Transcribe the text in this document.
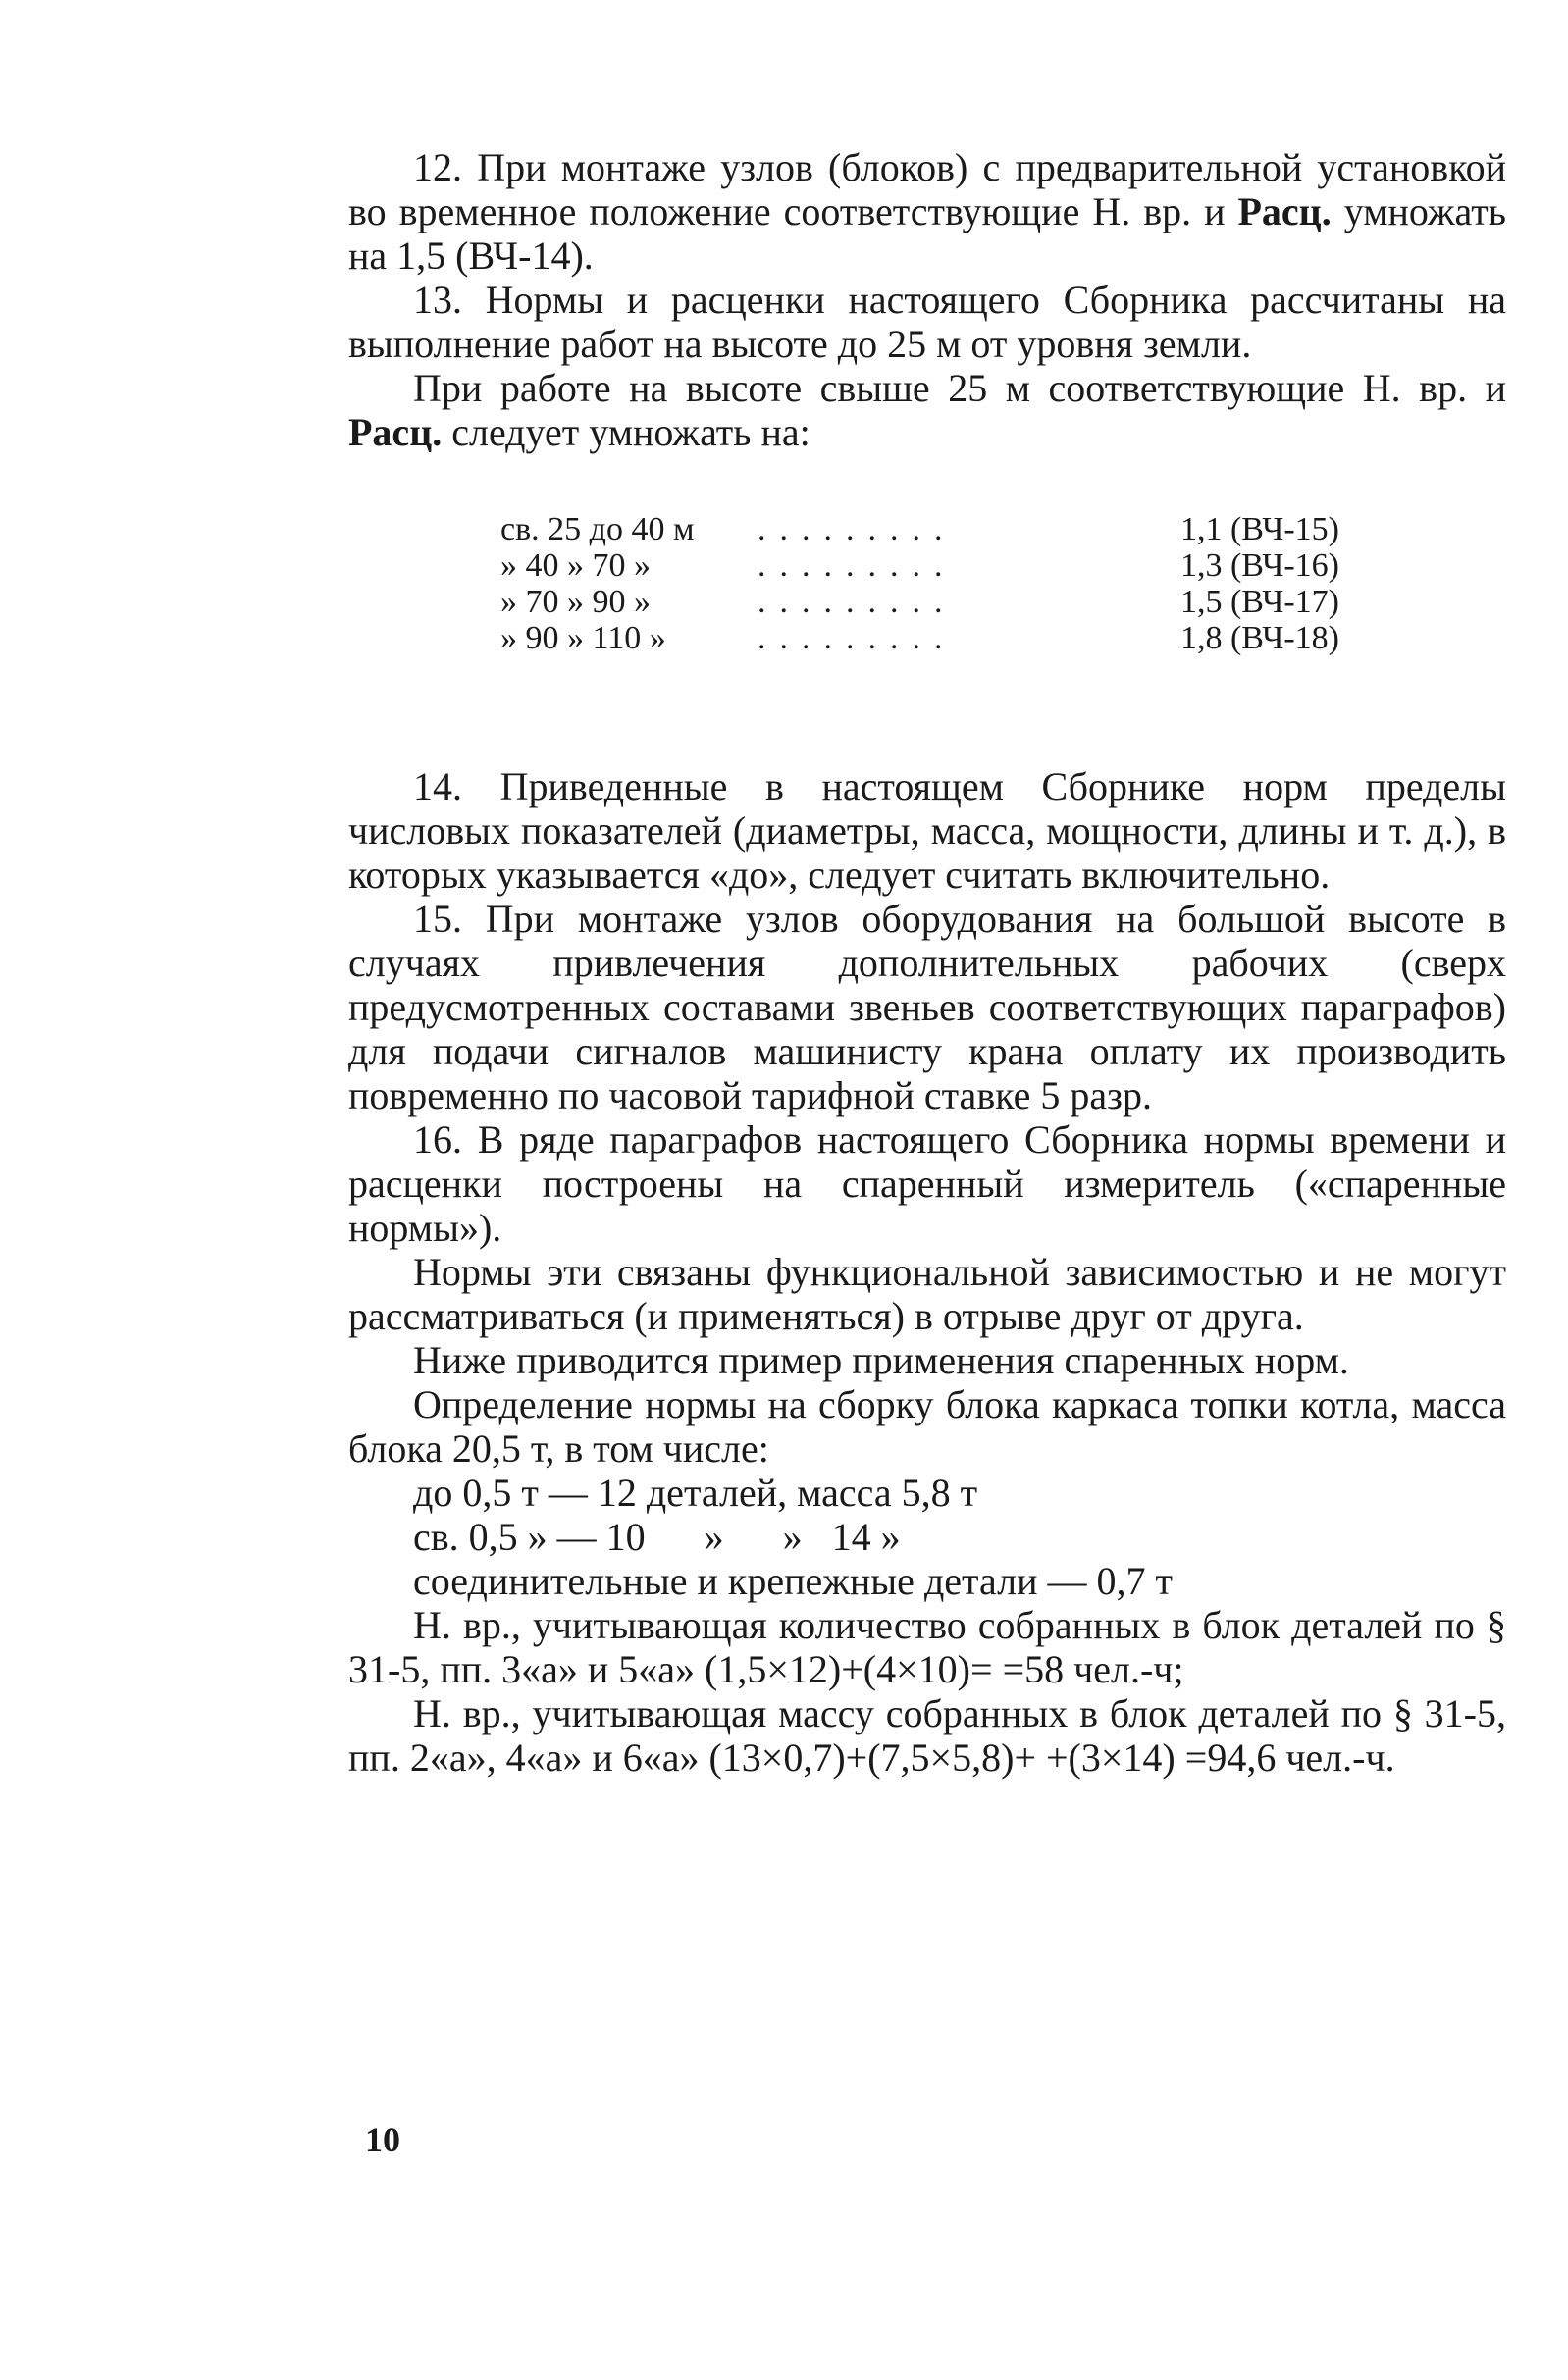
12. При монтаже узлов (блоков) с предварительной установкой во временное положение соответствующие Н. вр. и Расц. умножать на 1,5 (ВЧ-14).

13. Нормы и расценки настоящего Сборника рассчитаны на выполнение работ на высоте до 25 м от уровня земли.

При работе на высоте свыше 25 м соответствующие Н. вр. и Расц. следует умножать на:

св. 25 до 40 м	.........	1,1 (ВЧ-15)
» 40 » 70 »	.........	1,3 (ВЧ-16)
» 70 » 90 »	.........	1,5 (ВЧ-17)
» 90 » 110 »	.........	1,8 (ВЧ-18)

14. Приведенные в настоящем Сборнике норм пределы числовых показателей (диаметры, масса, мощности, длины и т. д.), в которых указывается «до», следует считать включительно.

15. При монтаже узлов оборудования на большой высоте в случаях привлечения дополнительных рабочих (сверх предусмотренных составами звеньев соответствующих параграфов) для подачи сигналов машинисту крана оплату их производить повременно по часовой тарифной ставке 5 разр.

16. В ряде параграфов настоящего Сборника нормы времени и расценки построены на спаренный измеритель («спаренные нормы»).

Нормы эти связаны функциональной зависимостью и не могут рассматриваться (и применяться) в отрыве друг от друга.

Ниже приводится пример применения спаренных норм.

Определение нормы на сборку блока каркаса топки котла, масса блока 20,5 т, в том числе:

до 0,5 т — 12 деталей, масса 5,8 т

св. 0,5 » — 10      »      »   14 »

соединительные и крепежные детали — 0,7 т

Н. вр., учитывающая количество собранных в блок деталей по § 31-5, пп. 3«а» и 5«а» (1,5×12)+(4×10)= =58 чел.-ч;

Н. вр., учитывающая массу собранных в блок деталей по § 31-5, пп. 2«а», 4«а» и 6«а» (13×0,7)+(7,5×5,8)+ +(3×14) =94,6 чел.-ч.

10
